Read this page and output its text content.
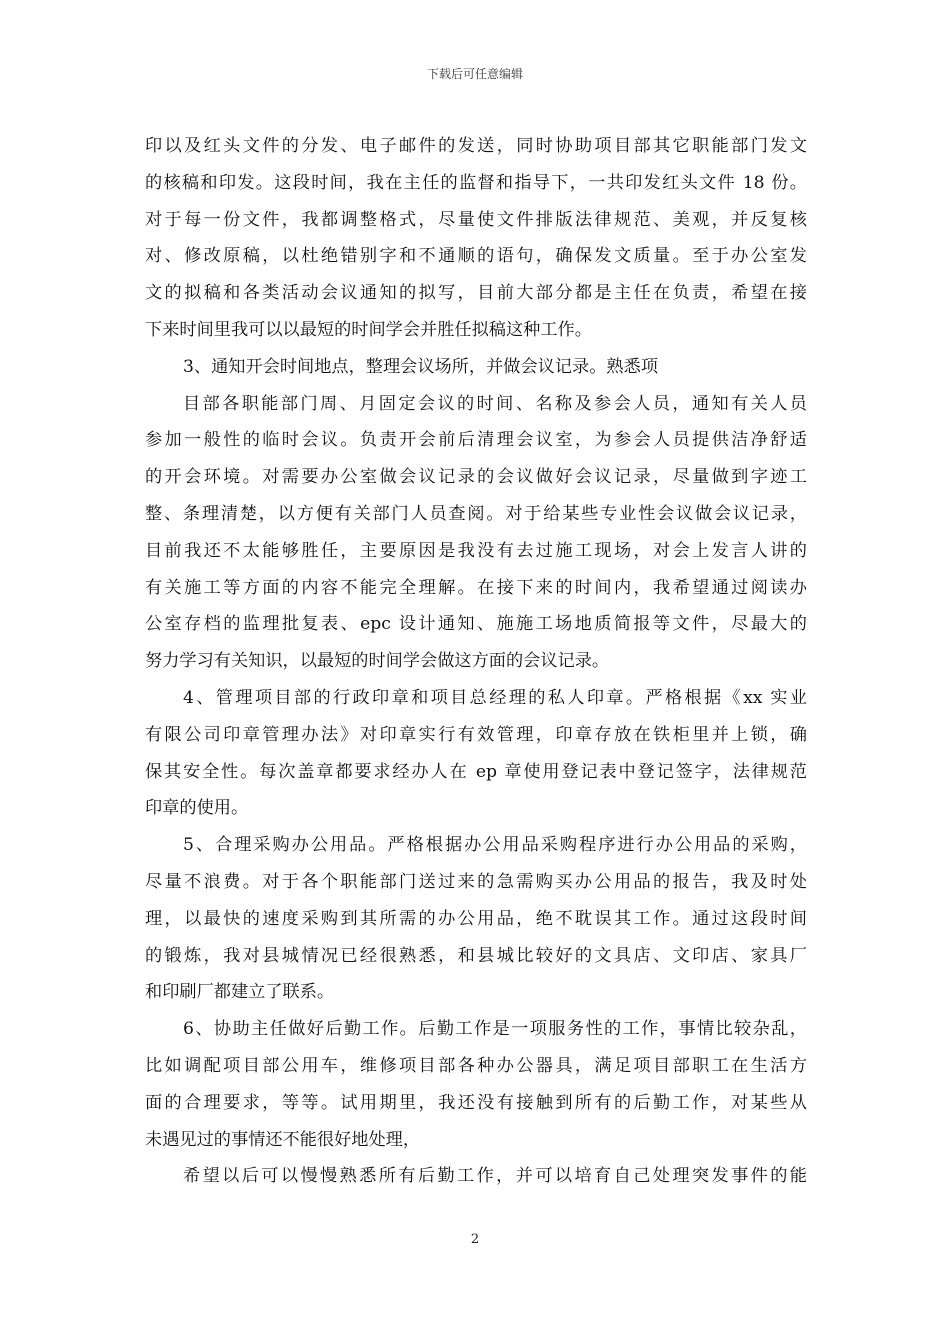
下载后可任意编辑
印以及红头文件的分发、电子邮件的发送，同时协助项目部其它职能部门发文
的核稿和印发。这段时间，我在主任的监督和指导下，一共印发红头文件 18 份。
对于每一份文件，我都调整格式，尽量使文件排版法律规范、美观，并反复核
对、修改原稿，以杜绝错别字和不通顺的语句，确保发文质量。至于办公室发
文的拟稿和各类活动会议通知的拟写，目前大部分都是主任在负责，希望在接
下来时间里我可以以最短的时间学会并胜任拟稿这种工作。
3、通知开会时间地点，整理会议场所，并做会议记录。熟悉项
目部各职能部门周、月固定会议的时间、名称及参会人员，通知有关人员
参加一般性的临时会议。负责开会前后清理会议室，为参会人员提供洁净舒适
的开会环境。对需要办公室做会议记录的会议做好会议记录，尽量做到字迹工
整、条理清楚，以方便有关部门人员查阅。对于给某些专业性会议做会议记录，
目前我还不太能够胜任，主要原因是我没有去过施工现场，对会上发言人讲的
有关施工等方面的内容不能完全理解。在接下来的时间内，我希望通过阅读办
公室存档的监理批复表、epc 设计通知、施施工场地质简报等文件，尽最大的
努力学习有关知识，以最短的时间学会做这方面的会议记录。
4、管理项目部的行政印章和项目总经理的私人印章。严格根据《xx 实业
有限公司印章管理办法》对印章实行有效管理，印章存放在铁柜里并上锁，确
保其安全性。每次盖章都要求经办人在 ep 章使用登记表中登记签字，法律规范
印章的使用。
5、合理采购办公用品。严格根据办公用品采购程序进行办公用品的采购，
尽量不浪费。对于各个职能部门送过来的急需购买办公用品的报告，我及时处
理，以最快的速度采购到其所需的办公用品，绝不耽误其工作。通过这段时间
的锻炼，我对县城情况已经很熟悉，和县城比较好的文具店、文印店、家具厂
和印刷厂都建立了联系。
6、协助主任做好后勤工作。后勤工作是一项服务性的工作，事情比较杂乱，
比如调配项目部公用车，维修项目部各种办公器具，满足项目部职工在生活方
面的合理要求，等等。试用期里，我还没有接触到所有的后勤工作，对某些从
未遇见过的事情还不能很好地处理，
希望以后可以慢慢熟悉所有后勤工作，并可以培育自己处理突发事件的能
2
